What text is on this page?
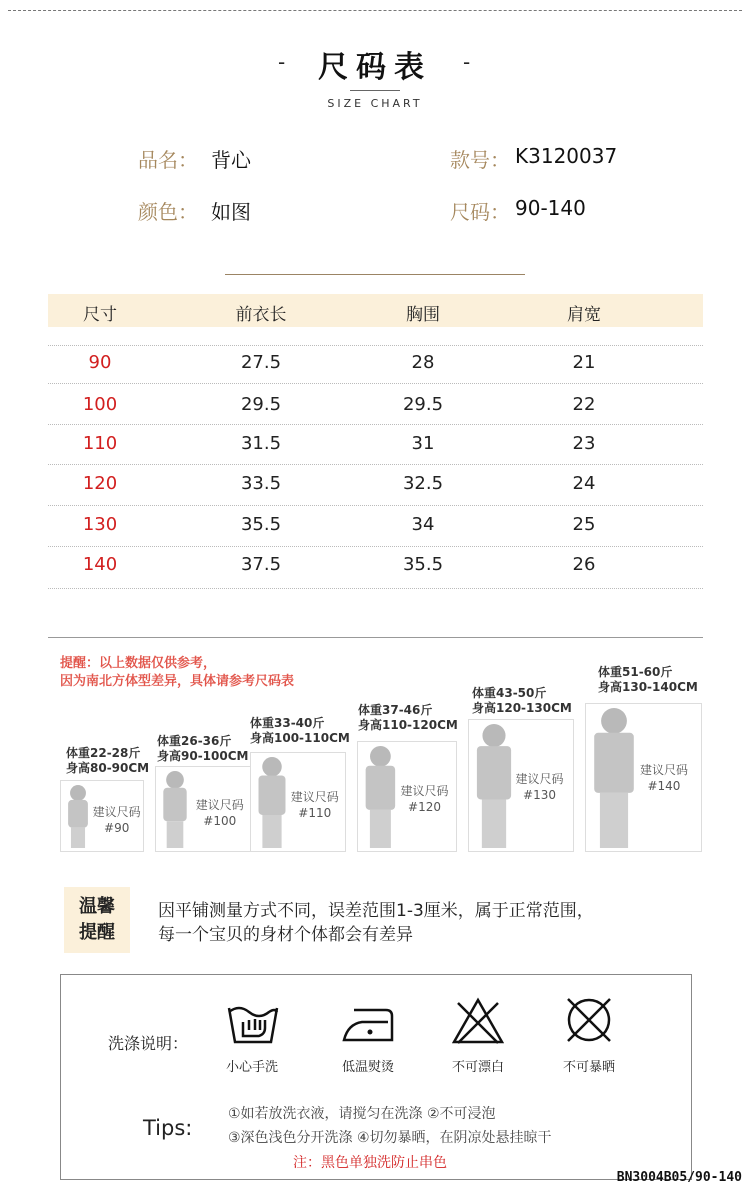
-	尺码表	-
SIZE CHART
品名： 背心	款号： K3120037
颜色： 如图	尺码： 90-140
尺寸	前衣长	胸围	肩宽
90	27.5	28	21
100	29.5	29.5	22
110	31.5	31	23
120	33.5	32.5	24
130	35.5	34	25
140	37.5	35.5	26
提醒：以上数据仅供参考，
因为南北方体型差异，具体请参考尺码表
体重22-28斤
身高80-90CM
建议尺码
#90
体重26-36斤
身高90-100CM
建议尺码
#100
体重33-40斤
身高100-110CM
建议尺码
#110
体重37-46斤
身高110-120CM
建议尺码
#120
体重43-50斤
身高120-130CM
建议尺码
#130
体重51-60斤
身高130-140CM
建议尺码
#140
温馨
提醒
因平铺测量方式不同，误差范围1-3厘米，属于正常范围，
每一个宝贝的身材个体都会有差异
洗涤说明：
小心手洗	低温熨烫	不可漂白	不可暴晒
Tips:
①如若放洗衣液，请搅匀在洗涤 ②不可浸泡
③深色浅色分开洗涤 ④切勿暴晒，在阴凉处悬挂晾干
注：黑色单独洗防止串色
BN3004B05/90-140
